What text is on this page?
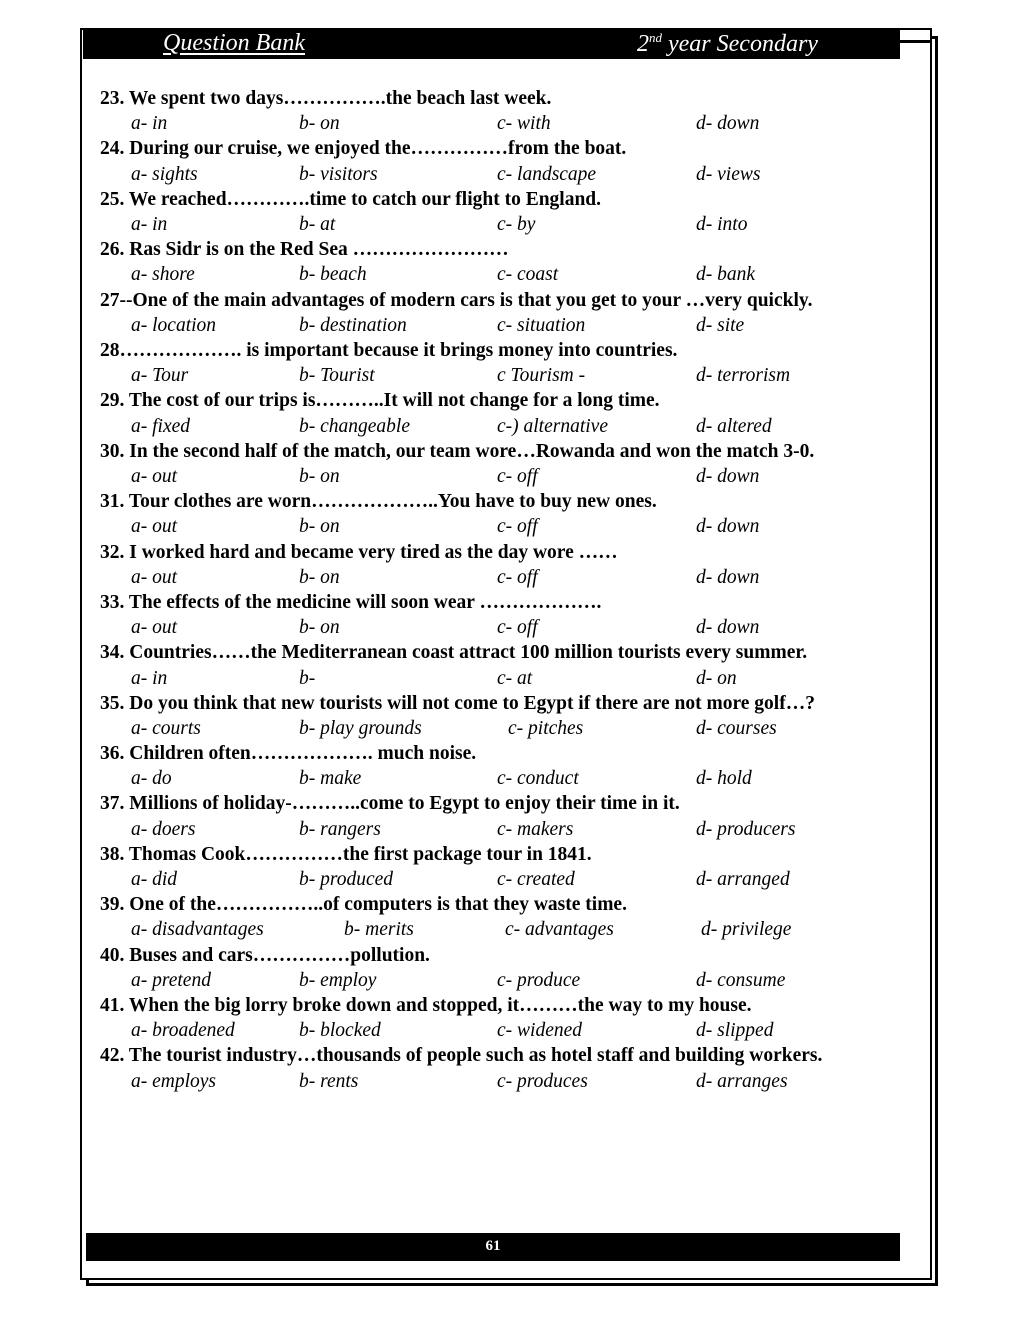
Question Bank	2nd year Secondary
23. We spent two days…………….the beach last week.
a- in	b- on	c- with	d- down
24. During our cruise, we enjoyed the……………from the boat.
a- sights	b- visitors	c- landscape	d- views
25. We reached………….time to catch our flight to England.
a- in	b- at	c- by	d- into
26. Ras Sidr is on the Red Sea ……………………
a- shore	b- beach	c- coast	d- bank
27--One of the main advantages of modern cars is that you get to your …very quickly.
a- location	b- destination	c- situation	d- site
28………………. is important because it brings money into countries.
a- Tour	b- Tourist	c Tourism -	d- terrorism
29. The cost of our trips is………..It will not change for a long time.
a- fixed	b- changeable	c-) alternative	d- altered
30. In the second half of the match, our team wore…Rowanda and won the match 3-0.
a- out	b- on	c- off	d- down
31. Tour clothes are worn………………..You have to buy new ones.
a- out	b- on	c- off	d- down
32. I worked hard and became very tired as the day wore ……
a- out	b- on	c- off	d- down
33. The effects of the medicine will soon wear ……………….
a- out	b- on	c- off	d- down
34. Countries……the Mediterranean coast attract 100 million tourists every summer.
a- in	b-	c- at	d- on
35. Do you think that new tourists will not come to Egypt if there are not more golf…?
a- courts	b- play grounds	c- pitches	d- courses
36. Children often………………. much noise.
a- do	b- make	c- conduct	d- hold
37. Millions of holiday-………..come to Egypt to enjoy their time in it.
a- doers	b- rangers	c- makers	d- producers
38. Thomas Cook……………the first package tour in 1841.
a- did	b- produced	c- created	d- arranged
39. One of the……………..of computers is that they waste time.
a- disadvantages	b- merits	c- advantages	d- privilege
40. Buses and cars……………pollution.
a- pretend	b- employ	c- produce	d- consume
41. When the big lorry broke down and stopped, it………the way to my house.
a- broadened	b- blocked	c- widened	d- slipped
42. The tourist industry…thousands of people such as hotel staff and building workers.
a- employs	b- rents	c- produces	d- arranges
61
